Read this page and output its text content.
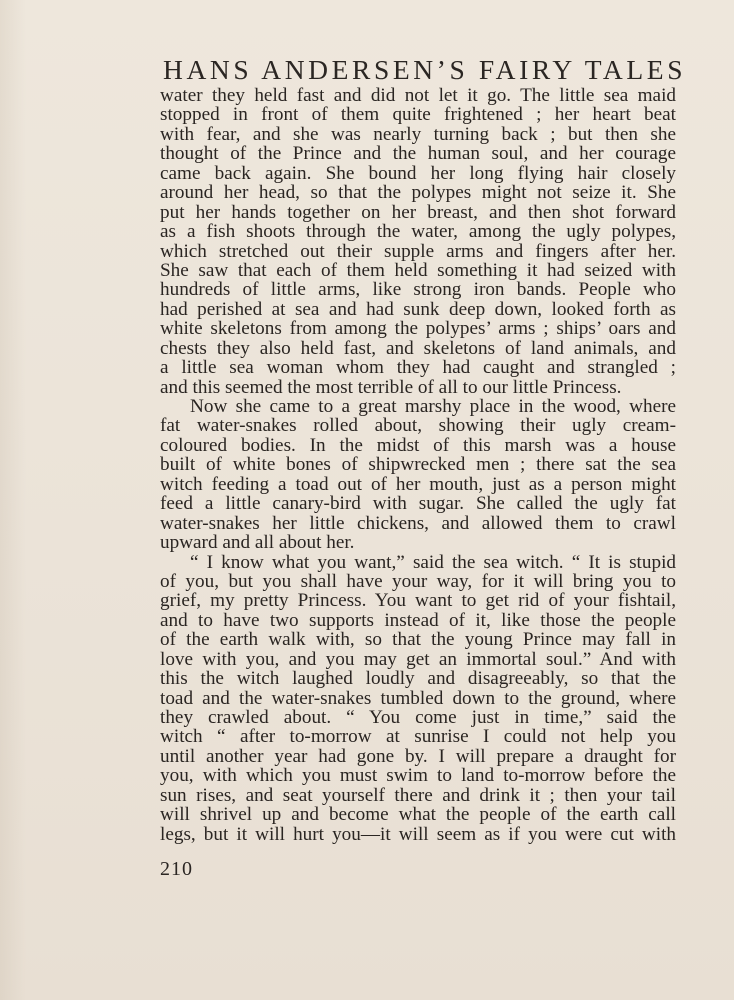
HANS ANDERSEN’S FAIRY TALES
water they held fast and did not let it go. The little sea maid
stopped in front of them quite frightened ; her heart beat
with fear, and she was nearly turning back ; but then she
thought of the Prince and the human soul, and her courage
came back again. She bound her long flying hair closely
around her head, so that the polypes might not seize it. She
put her hands together on her breast, and then shot forward
as a fish shoots through the water, among the ugly polypes,
which stretched out their supple arms and fingers after her.
She saw that each of them held something it had seized with
hundreds of little arms, like strong iron bands. People who
had perished at sea and had sunk deep down, looked forth as
white skeletons from among the polypes’ arms ; ships’ oars and
chests they also held fast, and skeletons of land animals, and
a little sea woman whom they had caught and strangled ;
and this seemed the most terrible of all to our little Princess.
Now she came to a great marshy place in the wood, where
fat water-snakes rolled about, showing their ugly cream-
coloured bodies. In the midst of this marsh was a house
built of white bones of shipwrecked men ; there sat the sea
witch feeding a toad out of her mouth, just as a person might
feed a little canary-bird with sugar. She called the ugly fat
water-snakes her little chickens, and allowed them to crawl
upward and all about her.
“ I know what you want,” said the sea witch. “ It is stupid
of you, but you shall have your way, for it will bring you to
grief, my pretty Princess. You want to get rid of your fishtail,
and to have two supports instead of it, like those the people
of the earth walk with, so that the young Prince may fall in
love with you, and you may get an immortal soul.” And with
this the witch laughed loudly and disagreeably, so that the
toad and the water-snakes tumbled down to the ground, where
they crawled about. “ You come just in time,” said the
witch “ after to-morrow at sunrise I could not help you
until another year had gone by. I will prepare a draught for
you, with which you must swim to land to-morrow before the
sun rises, and seat yourself there and drink it ; then your tail
will shrivel up and become what the people of the earth call
legs, but it will hurt you—it will seem as if you were cut with
210
